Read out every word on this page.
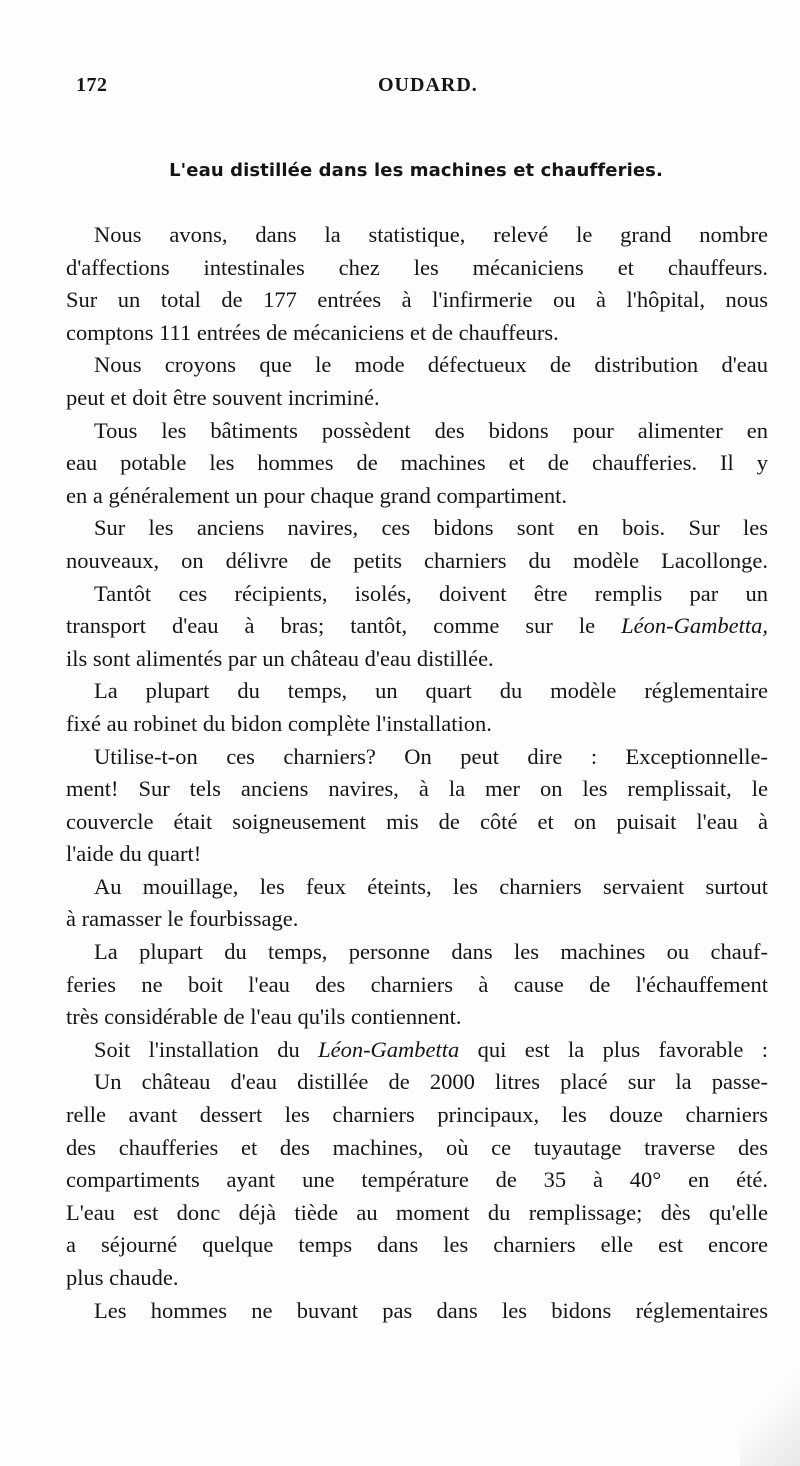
172	OUDARD.
L'eau distillée dans les machines et chaufferies.
Nous avons, dans la statistique, relevé le grand nombre
d'affections intestinales chez les mécaniciens et chauffeurs.
Sur un total de 177 entrées à l'infirmerie ou à l'hôpital, nous
comptons 111 entrées de mécaniciens et de chauffeurs.
Nous croyons que le mode défectueux de distribution d'eau
peut et doit être souvent incriminé.
Tous les bâtiments possèdent des bidons pour alimenter en
eau potable les hommes de machines et de chaufferies. Il y
en a généralement un pour chaque grand compartiment.
Sur les anciens navires, ces bidons sont en bois. Sur les
nouveaux, on délivre de petits charniers du modèle Lacollonge.
Tantôt ces récipients, isolés, doivent être remplis par un
transport d'eau à bras; tantôt, comme sur le Léon-Gambetta,
ils sont alimentés par un château d'eau distillée.
La plupart du temps, un quart du modèle réglementaire
fixé au robinet du bidon complète l'installation.
Utilise-t-on ces charniers? On peut dire : Exceptionnelle-
ment! Sur tels anciens navires, à la mer on les remplissait, le
couvercle était soigneusement mis de côté et on puisait l'eau à
l'aide du quart!
Au mouillage, les feux éteints, les charniers servaient surtout
à ramasser le fourbissage.
La plupart du temps, personne dans les machines ou chauf-
feries ne boit l'eau des charniers à cause de l'échauffement
très considérable de l'eau qu'ils contiennent.
Soit l'installation du Léon-Gambetta qui est la plus favorable :
Un château d'eau distillée de 2000 litres placé sur la passe-
relle avant dessert les charniers principaux, les douze charniers
des chaufferies et des machines, où ce tuyautage traverse des
compartiments ayant une température de 35 à 40° en été.
L'eau est donc déjà tiède au moment du remplissage; dès qu'elle
a séjourné quelque temps dans les charniers elle est encore
plus chaude.
Les hommes ne buvant pas dans les bidons réglementaires
